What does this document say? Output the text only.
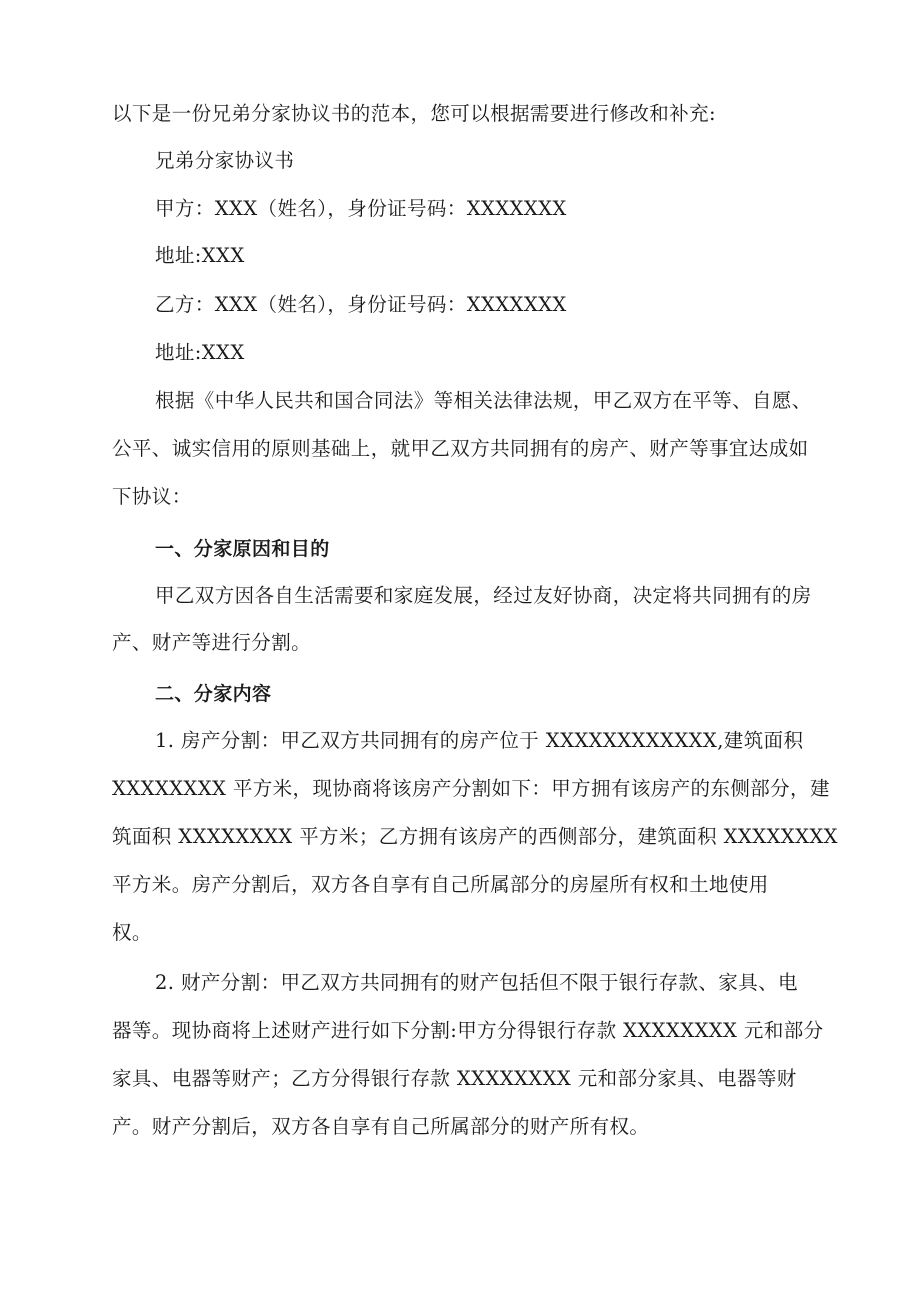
以下是一份兄弟分家协议书的范本，您可以根据需要进行修改和补充:
兄弟分家协议书
甲方：XXX（姓名），身份证号码：XXXXXXX
地址:XXX
乙方：XXX（姓名），身份证号码：XXXXXXX
地址:XXX
根据《中华人民共和国合同法》等相关法律法规，甲乙双方在平等、自愿、
公平、诚实信用的原则基础上，就甲乙双方共同拥有的房产、财产等事宜达成如
下协议：
一、分家原因和目的
甲乙双方因各自生活需要和家庭发展，经过友好协商，决定将共同拥有的房
产、财产等进行分割。
二、分家内容
1. 房产分割：甲乙双方共同拥有的房产位于 XXXXXXXXXXXX,建筑面积
XXXXXXXX 平方米，现协商将该房产分割如下：甲方拥有该房产的东侧部分，建
筑面积 XXXXXXXX 平方米；乙方拥有该房产的西侧部分，建筑面积 XXXXXXXX
平方米。房产分割后，双方各自享有自己所属部分的房屋所有权和土地使用
权。
2. 财产分割：甲乙双方共同拥有的财产包括但不限于银行存款、家具、电
器等。现协商将上述财产进行如下分割:甲方分得银行存款 XXXXXXXX 元和部分
家具、电器等财产；乙方分得银行存款 XXXXXXXX 元和部分家具、电器等财
产。财产分割后，双方各自享有自己所属部分的财产所有权。
